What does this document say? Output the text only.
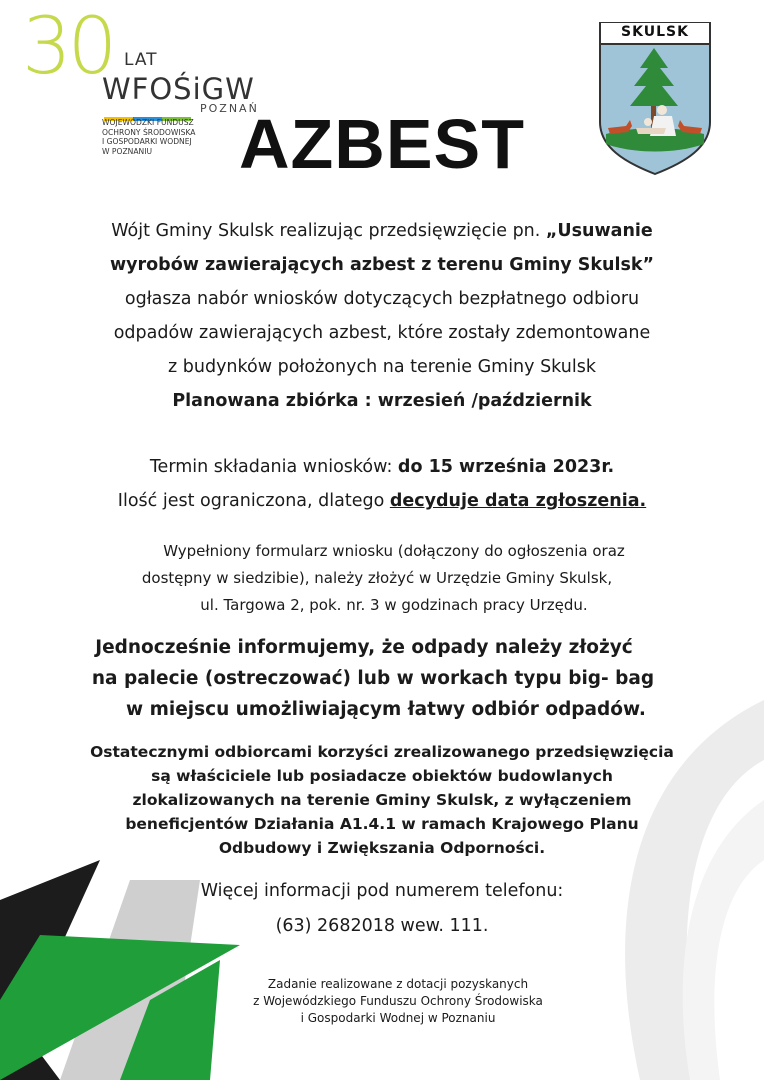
30 LAT
WFOŚiGW
POZNAŃ
WOJEWÓDZKI FUNDUSZ
OCHRONY ŚRODOWISKA
I GOSPODARKI WODNEJ
W POZNANIU
SKULSK
AZBEST
Wójt Gminy Skulsk realizując przedsięwzięcie pn. „Usuwanie
wyrobów zawierających azbest z terenu Gminy Skulsk”
ogłasza nabór wniosków dotyczących bezpłatnego odbioru
odpadów zawierających azbest, które zostały zdemontowane
z budynków położonych na terenie Gminy Skulsk
Planowana zbiórka : wrzesień /październik
Termin składania wniosków: do 15 września 2023r.
Ilość jest ograniczona, dlatego decyduje data zgłoszenia.
Wypełniony formularz wniosku (dołączony do ogłoszenia oraz
dostępny w siedzibie), należy złożyć w Urzędzie Gminy Skulsk,
ul. Targowa 2, pok. nr. 3 w godzinach pracy Urzędu.
Jednocześnie informujemy, że odpady należy złożyć
na palecie (ostreczować) lub w workach typu big- bag
w miejscu umożliwiającym łatwy odbiór odpadów.
Ostatecznymi odbiorcami korzyści zrealizowanego przedsięwzięcia
są właściciele lub posiadacze obiektów budowlanych
zlokalizowanych na terenie Gminy Skulsk, z wyłączeniem
beneficjentów Działania A1.4.1 w ramach Krajowego Planu
Odbudowy i Zwiększania Odporności.
Więcej informacji pod numerem telefonu:
(63) 2682018 wew. 111.
Zadanie realizowane z dotacji pozyskanych
z Wojewódzkiego Funduszu Ochrony Środowiska
i Gospodarki Wodnej w Poznaniu
